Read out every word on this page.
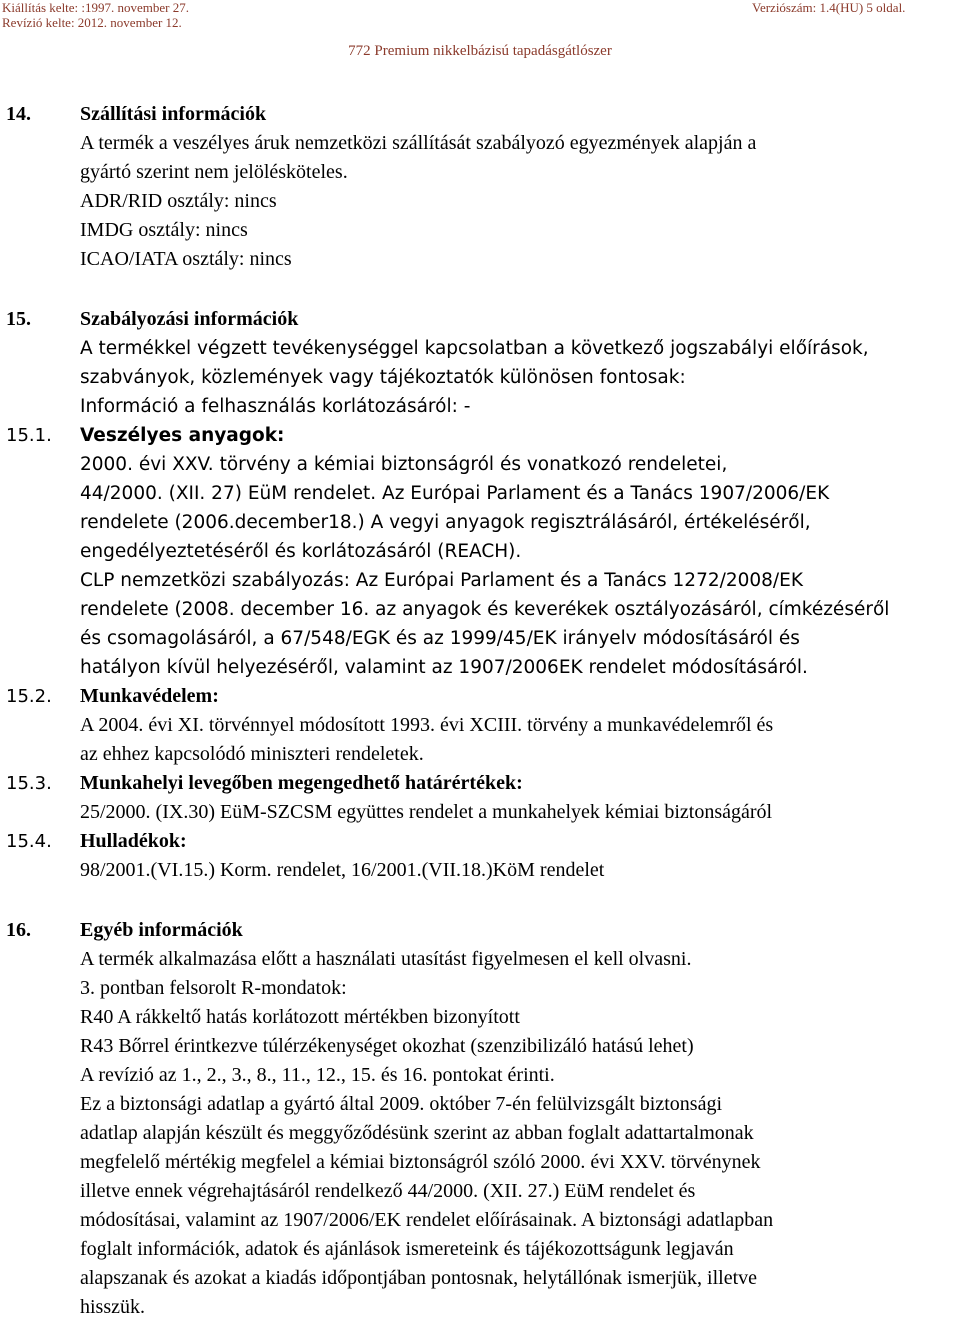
Kiállítás kelte: :1997. november 27.
Revízió kelte: 2012. november 12.
Verziószám: 1.4(HU) 5 oldal.
772 Premium nikkelbázisú tapadásgátlószer
14. Szállítási információk
A termék a veszélyes áruk nemzetközi szállítását szabályozó egyezmények alapján a
gyártó szerint nem jelölésköteles.
ADR/RID osztály: nincs
IMDG osztály: nincs
ICAO/IATA osztály: nincs
15. Szabályozási információk
A termékkel végzett tevékenységgel kapcsolatban a következő jogszabályi előírások,
szabványok, közlemények vagy tájékoztatók különösen fontosak:
Információ a felhasználás korlátozásáról: -
15.1. Veszélyes anyagok:
2000. évi XXV. törvény a kémiai biztonságról és vonatkozó rendeletei,
44/2000. (XII. 27) EüM rendelet. Az Európai Parlament és a Tanács 1907/2006/EK
rendelete (2006.december18.) A vegyi anyagok regisztrálásáról, értékeléséről,
engedélyeztetéséről és korlátozásáról (REACH).
CLP nemzetközi szabályozás: Az Európai Parlament és a Tanács 1272/2008/EK
rendelete (2008. december 16. az anyagok és keverékek osztályozásáról, címkézéséről
és csomagolásáról, a 67/548/EGK és az 1999/45/EK irányelv módosításáról és
hatályon kívül helyezéséről, valamint az 1907/2006EK rendelet módosításáról.
15.2. Munkavédelem:
A 2004. évi XI. törvénnyel módosított 1993. évi XCIII. törvény a munkavédelemről és
az ehhez kapcsolódó miniszteri rendeletek.
15.3. Munkahelyi levegőben megengedhető határértékek:
25/2000. (IX.30) EüM-SZCSM együttes rendelet a munkahelyek kémiai biztonságáról
15.4. Hulladékok:
98/2001.(VI.15.) Korm. rendelet, 16/2001.(VII.18.)KöM rendelet
16. Egyéb információk
A termék alkalmazása előtt a használati utasítást figyelmesen el kell olvasni.
3. pontban felsorolt R-mondatok:
R40 A rákkeltő hatás korlátozott mértékben bizonyított
R43 Bőrrel érintkezve túlérzékenységet okozhat (szenzibilizáló hatású lehet)
A revízió az 1., 2., 3., 8., 11., 12., 15. és 16. pontokat érinti.
Ez a biztonsági adatlap a gyártó által 2009. október 7-én felülvizsgált biztonsági
adatlap alapján készült és meggyőződésünk szerint az abban foglalt adattartalmonak
megfelelő mértékig megfelel a kémiai biztonságról szóló 2000. évi XXV. törvénynek
illetve ennek végrehajtásáról rendelkező 44/2000. (XII. 27.) EüM rendelet és
módosításai, valamint az 1907/2006/EK rendelet előírásainak. A biztonsági adatlapban
foglalt információk, adatok és ajánlások ismereteink és tájékozottságunk legjaván
alapszanak és azokat a kiadás időpontjában pontosnak, helytállónak ismerjük, illetve
hisszük.
